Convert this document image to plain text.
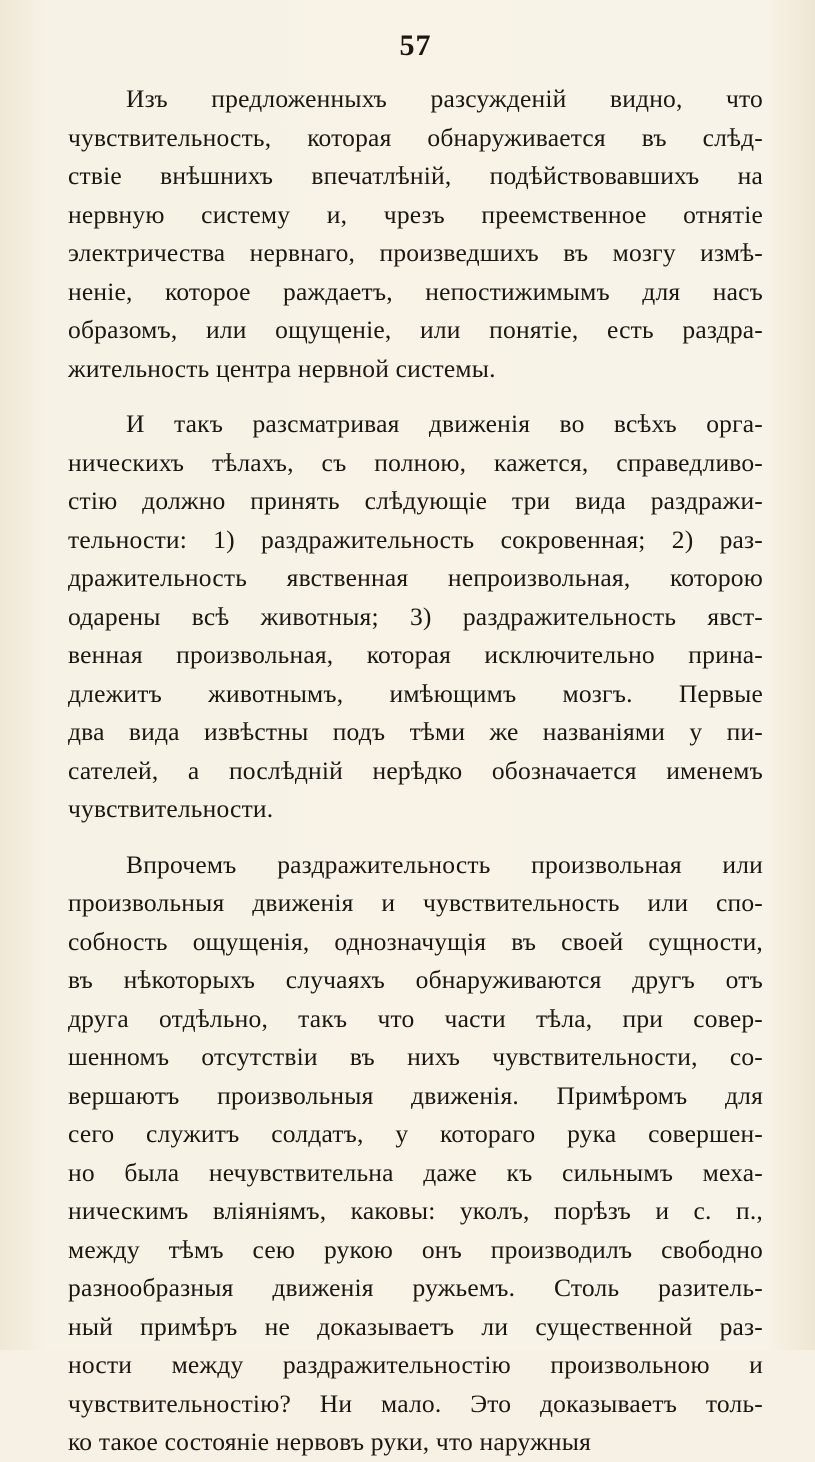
57
Изъ предложенныхъ разсужденій видно, что
чувствительность, которая обнаруживается въ слѣд-
ствіе внѣшнихъ впечатлѣній, подѣйствовавшихъ на
нервную систему и, чрезъ преемственное отнятіе
электричества нервнаго, произведшихъ въ мозгу измѣ-
неніе, которое раждаетъ, непостижимымъ для насъ
образомъ, или ощущеніе, или понятіе, есть раздра-
жительность центра нервной системы.
И такъ разсматривая движенія во всѣхъ орга-
ническихъ тѣлахъ, съ полною, кажется, справедливо-
стію должно принять слѣдующіе три вида раздражи-
тельности: 1) раздражительность сокровенная; 2) раз-
дражительность явственная непроизвольная, которою
одарены всѣ животныя; 3) раздражительность явст-
венная произвольная, которая исключительно прина-
длежитъ животнымъ, имѣющимъ мозгъ. Первые
два вида извѣстны подъ тѣми же названіями у пи-
сателей, а послѣдній нерѣдко обозначается именемъ
чувствительности.
Впрочемъ раздражительность произвольная или
произвольныя движенія и чувствительность или спо-
собность ощущенія, однозначущія въ своей сущности,
въ нѣкоторыхъ случаяхъ обнаруживаются другъ отъ
друга отдѣльно, такъ что части тѣла, при совер-
шенномъ отсутствіи въ нихъ чувствительности, со-
вершаютъ произвольныя движенія. Примѣромъ для
сего служитъ солдатъ, у котораго рука совершен-
но была нечувствительна даже къ сильнымъ меха-
ническимъ вліяніямъ, каковы: уколъ, порѣзъ и с. п.,
между тѣмъ сею рукою онъ производилъ свободно
разнообразныя движенія ружьемъ. Столь разитель-
ный примѣръ не доказываетъ ли существенной раз-
ности между раздражительностію произвольною и
чувствительностію? Ни мало. Это доказываетъ толь-
ко такое состояніе нервовъ руки, что наружныя
